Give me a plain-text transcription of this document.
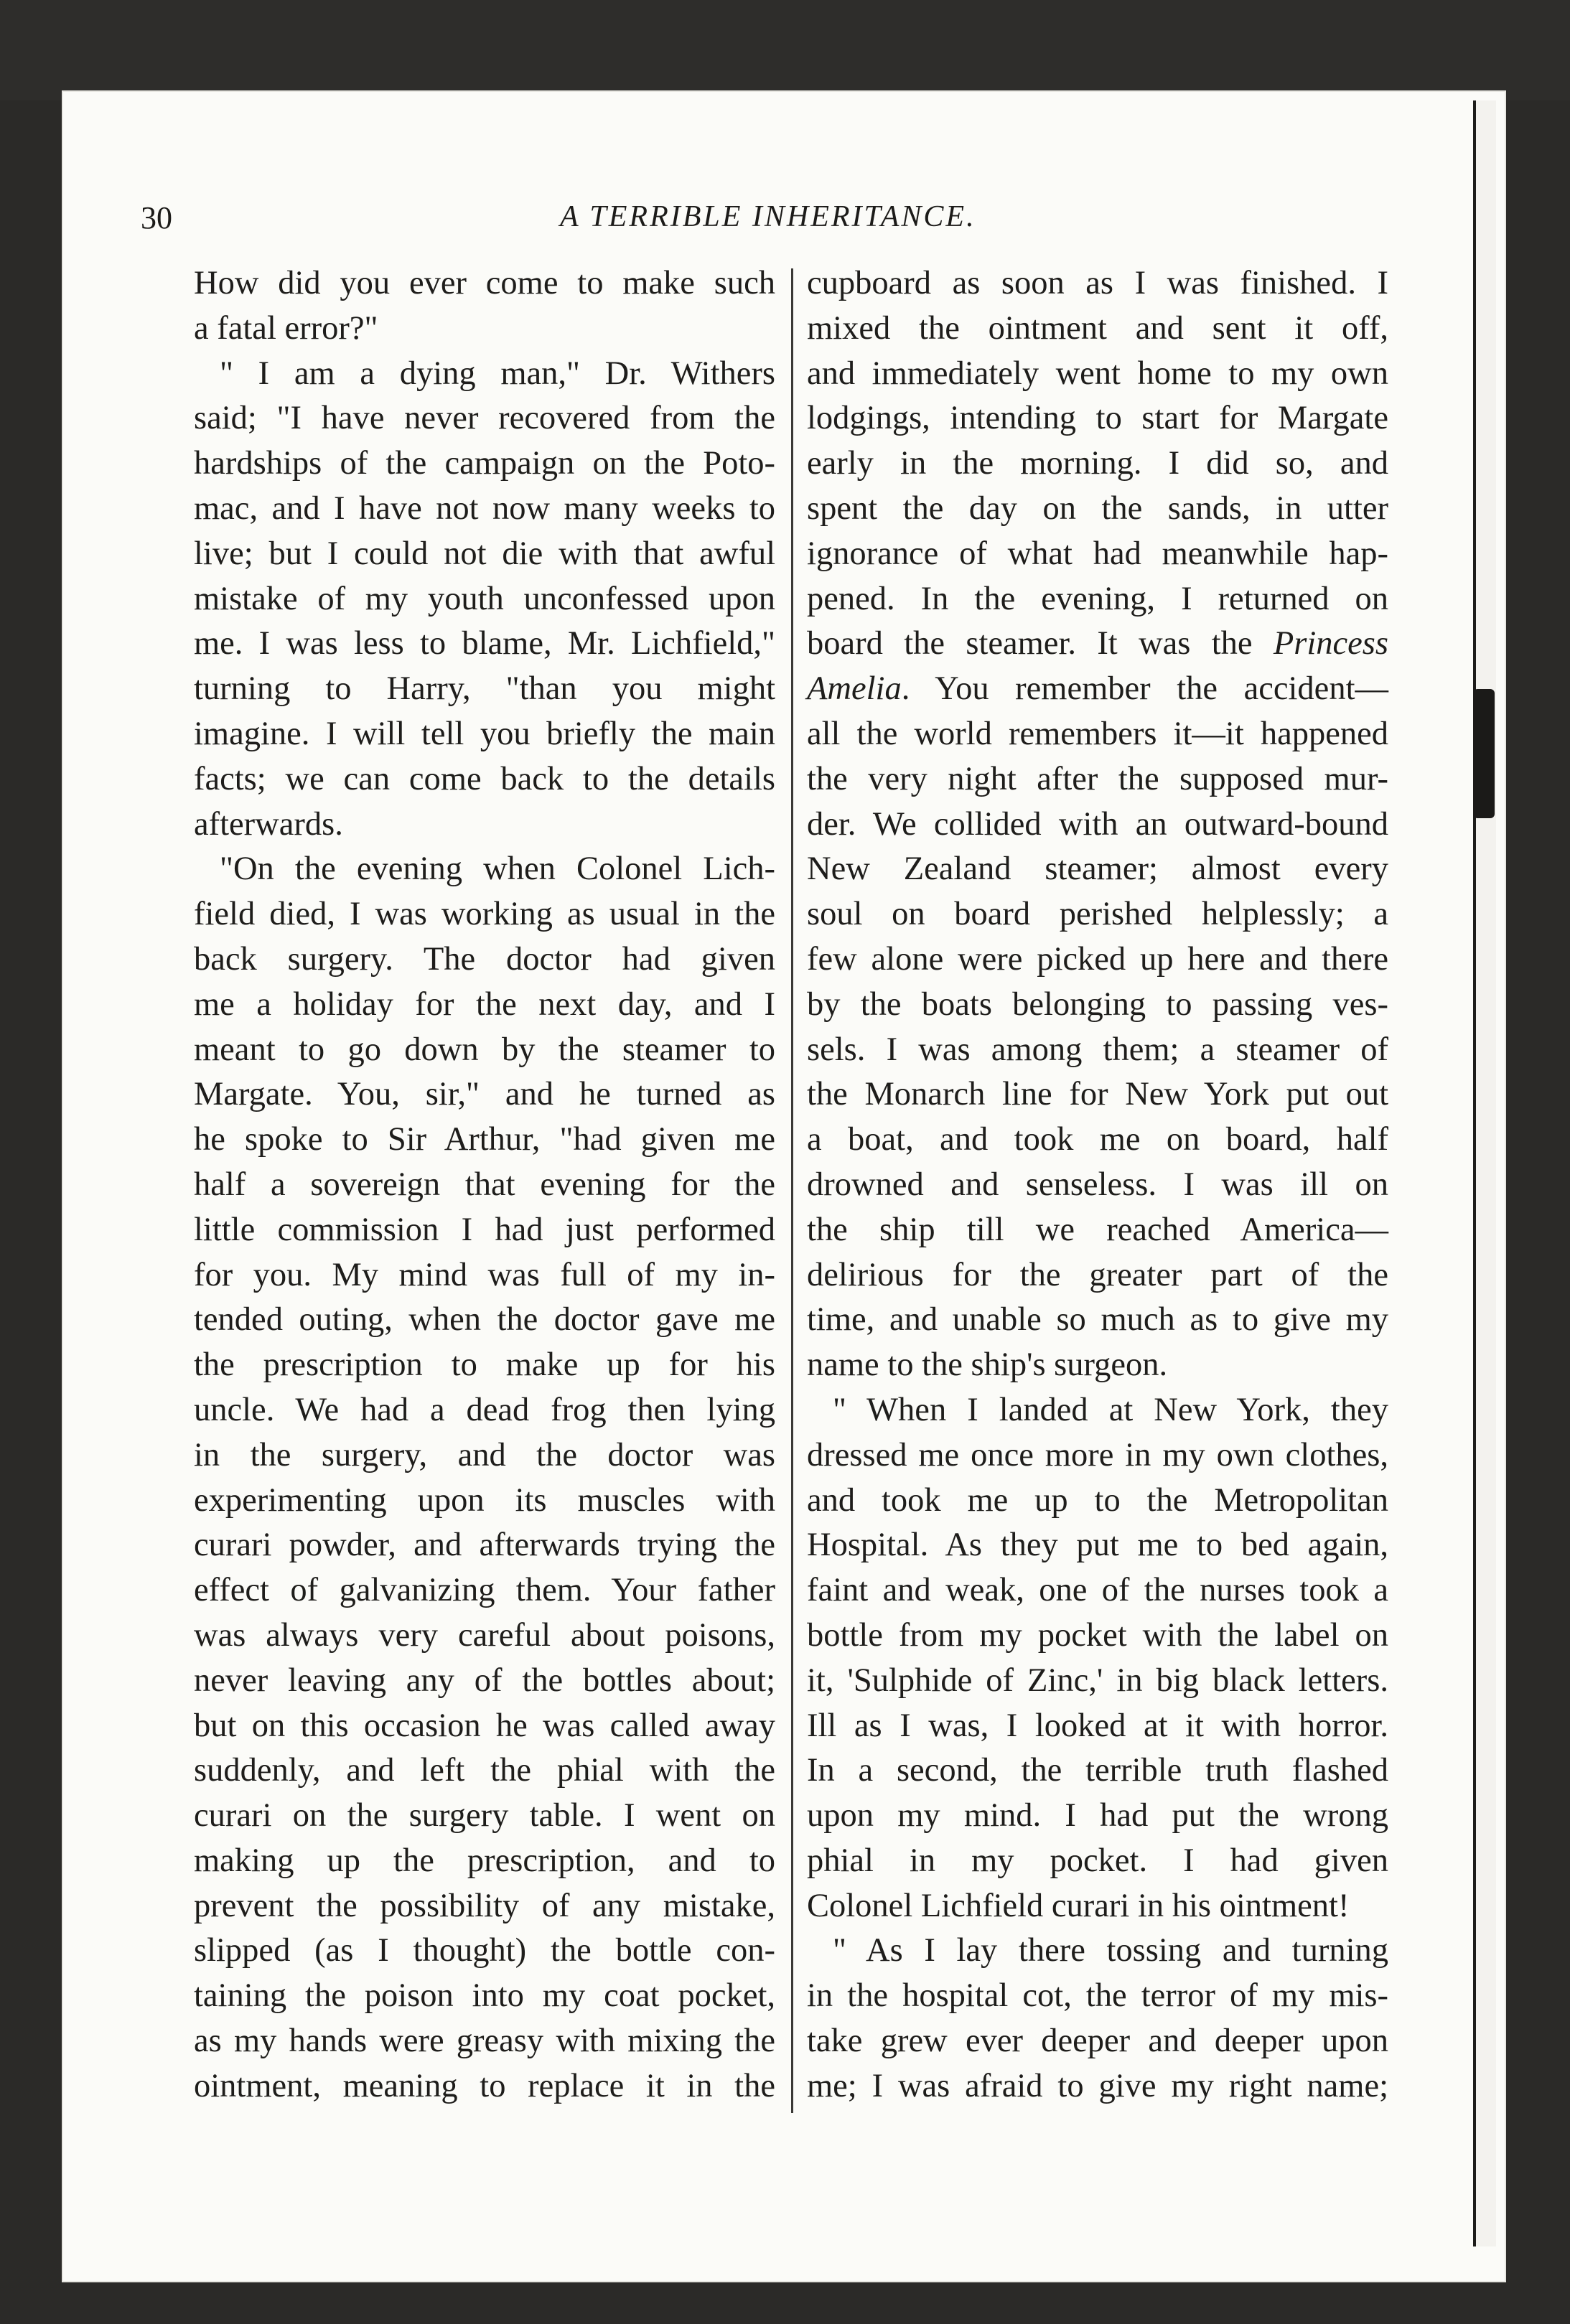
30	A TERRIBLE INHERITANCE.
How did you ever come to make such
a fatal error?"
" I am a dying man," Dr. Withers
said; "I have never recovered from the
hardships of the campaign on the Poto-
mac, and I have not now many weeks to
live; but I could not die with that awful
mistake of my youth unconfessed upon
me. I was less to blame, Mr. Lichfield,"
turning to Harry, "than you might
imagine. I will tell you briefly the main
facts; we can come back to the details
afterwards.
"On the evening when Colonel Lich-
field died, I was working as usual in the
back surgery. The doctor had given
me a holiday for the next day, and I
meant to go down by the steamer to
Margate. You, sir," and he turned as
he spoke to Sir Arthur, "had given me
half a sovereign that evening for the
little commission I had just performed
for you. My mind was full of my in-
tended outing, when the doctor gave me
the prescription to make up for his
uncle. We had a dead frog then lying
in the surgery, and the doctor was
experimenting upon its muscles with
curari powder, and afterwards trying the
effect of galvanizing them. Your father
was always very careful about poisons,
never leaving any of the bottles about;
but on this occasion he was called away
suddenly, and left the phial with the
curari on the surgery table. I went on
making up the prescription, and to
prevent the possibility of any mistake,
slipped (as I thought) the bottle con-
taining the poison into my coat pocket,
as my hands were greasy with mixing the
ointment, meaning to replace it in the
cupboard as soon as I was finished. I
mixed the ointment and sent it off,
and immediately went home to my own
lodgings, intending to start for Margate
early in the morning. I did so, and
spent the day on the sands, in utter
ignorance of what had meanwhile hap-
pened. In the evening, I returned on
board the steamer. It was the Princess
Amelia. You remember the accident—
all the world remembers it—it happened
the very night after the supposed mur-
der. We collided with an outward-bound
New Zealand steamer; almost every
soul on board perished helplessly; a
few alone were picked up here and there
by the boats belonging to passing ves-
sels. I was among them; a steamer of
the Monarch line for New York put out
a boat, and took me on board, half
drowned and senseless. I was ill on
the ship till we reached America—
delirious for the greater part of the
time, and unable so much as to give my
name to the ship's surgeon.
" When I landed at New York, they
dressed me once more in my own clothes,
and took me up to the Metropolitan
Hospital. As they put me to bed again,
faint and weak, one of the nurses took a
bottle from my pocket with the label on
it, 'Sulphide of Zinc,' in big black letters.
Ill as I was, I looked at it with horror.
In a second, the terrible truth flashed
upon my mind. I had put the wrong
phial in my pocket. I had given
Colonel Lichfield curari in his ointment!
" As I lay there tossing and turning
in the hospital cot, the terror of my mis-
take grew ever deeper and deeper upon
me; I was afraid to give my right name;
